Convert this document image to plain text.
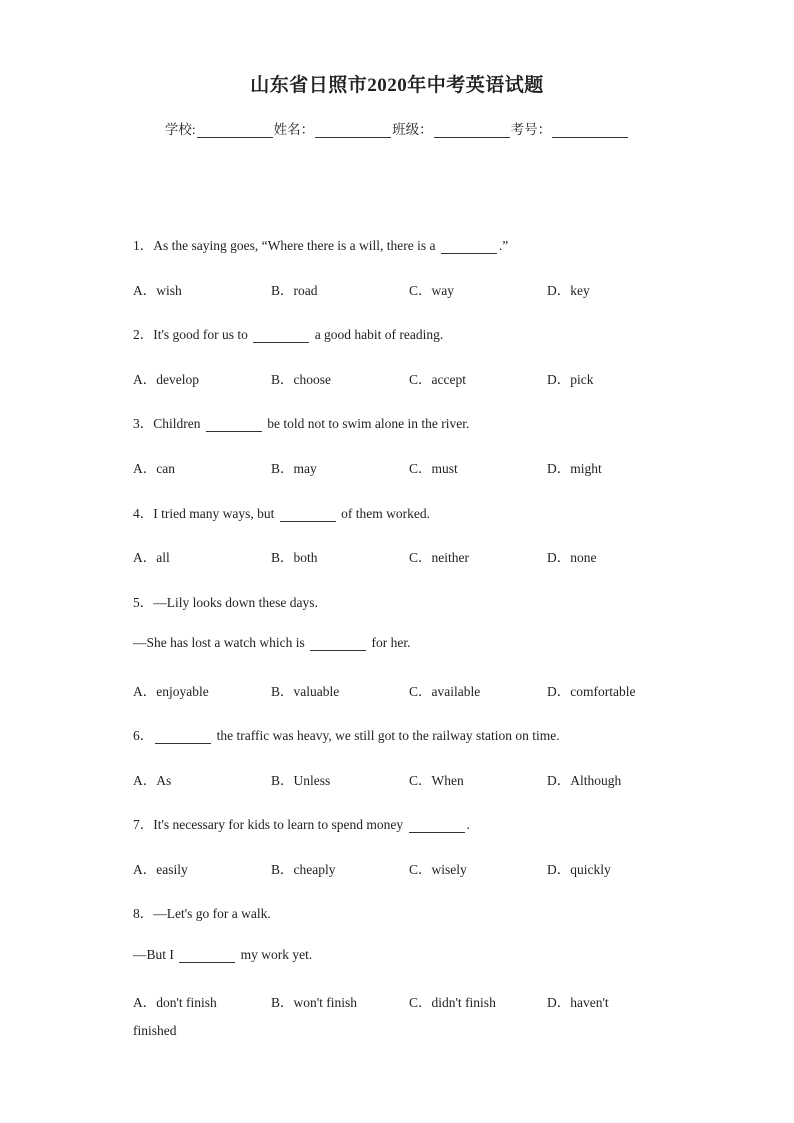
山东省日照市2020年中考英语试题
学校:	姓名：	班级：	考号：
1．As the saying goes, “Where there is a will, there is a	.”
A．wish	B．road	C．way	D．key
2．It's good for us to	a good habit of reading.
A．develop	B．choose	C．accept	D．pick
3．Children	be told not to swim alone in the river.
A．can	B．may	C．must	D．might
4．I tried many ways, but	of them worked.
A．all	B．both	C．neither	D．none
5．—Lily looks down these days.
—She has lost a watch which is	for her.
A．enjoyable	B．valuable	C．available	D．comfortable
6．	the traffic was heavy, we still got to the railway station on time.
A．As	B．Unless	C．When	D．Although
7．It's necessary for kids to learn to spend money	.
A．easily	B．cheaply	C．wisely	D．quickly
8．—Let's go for a walk.
—But I	my work yet.
A．don't finish	B．won't finish	C．didn't finish	D．haven't
finished
